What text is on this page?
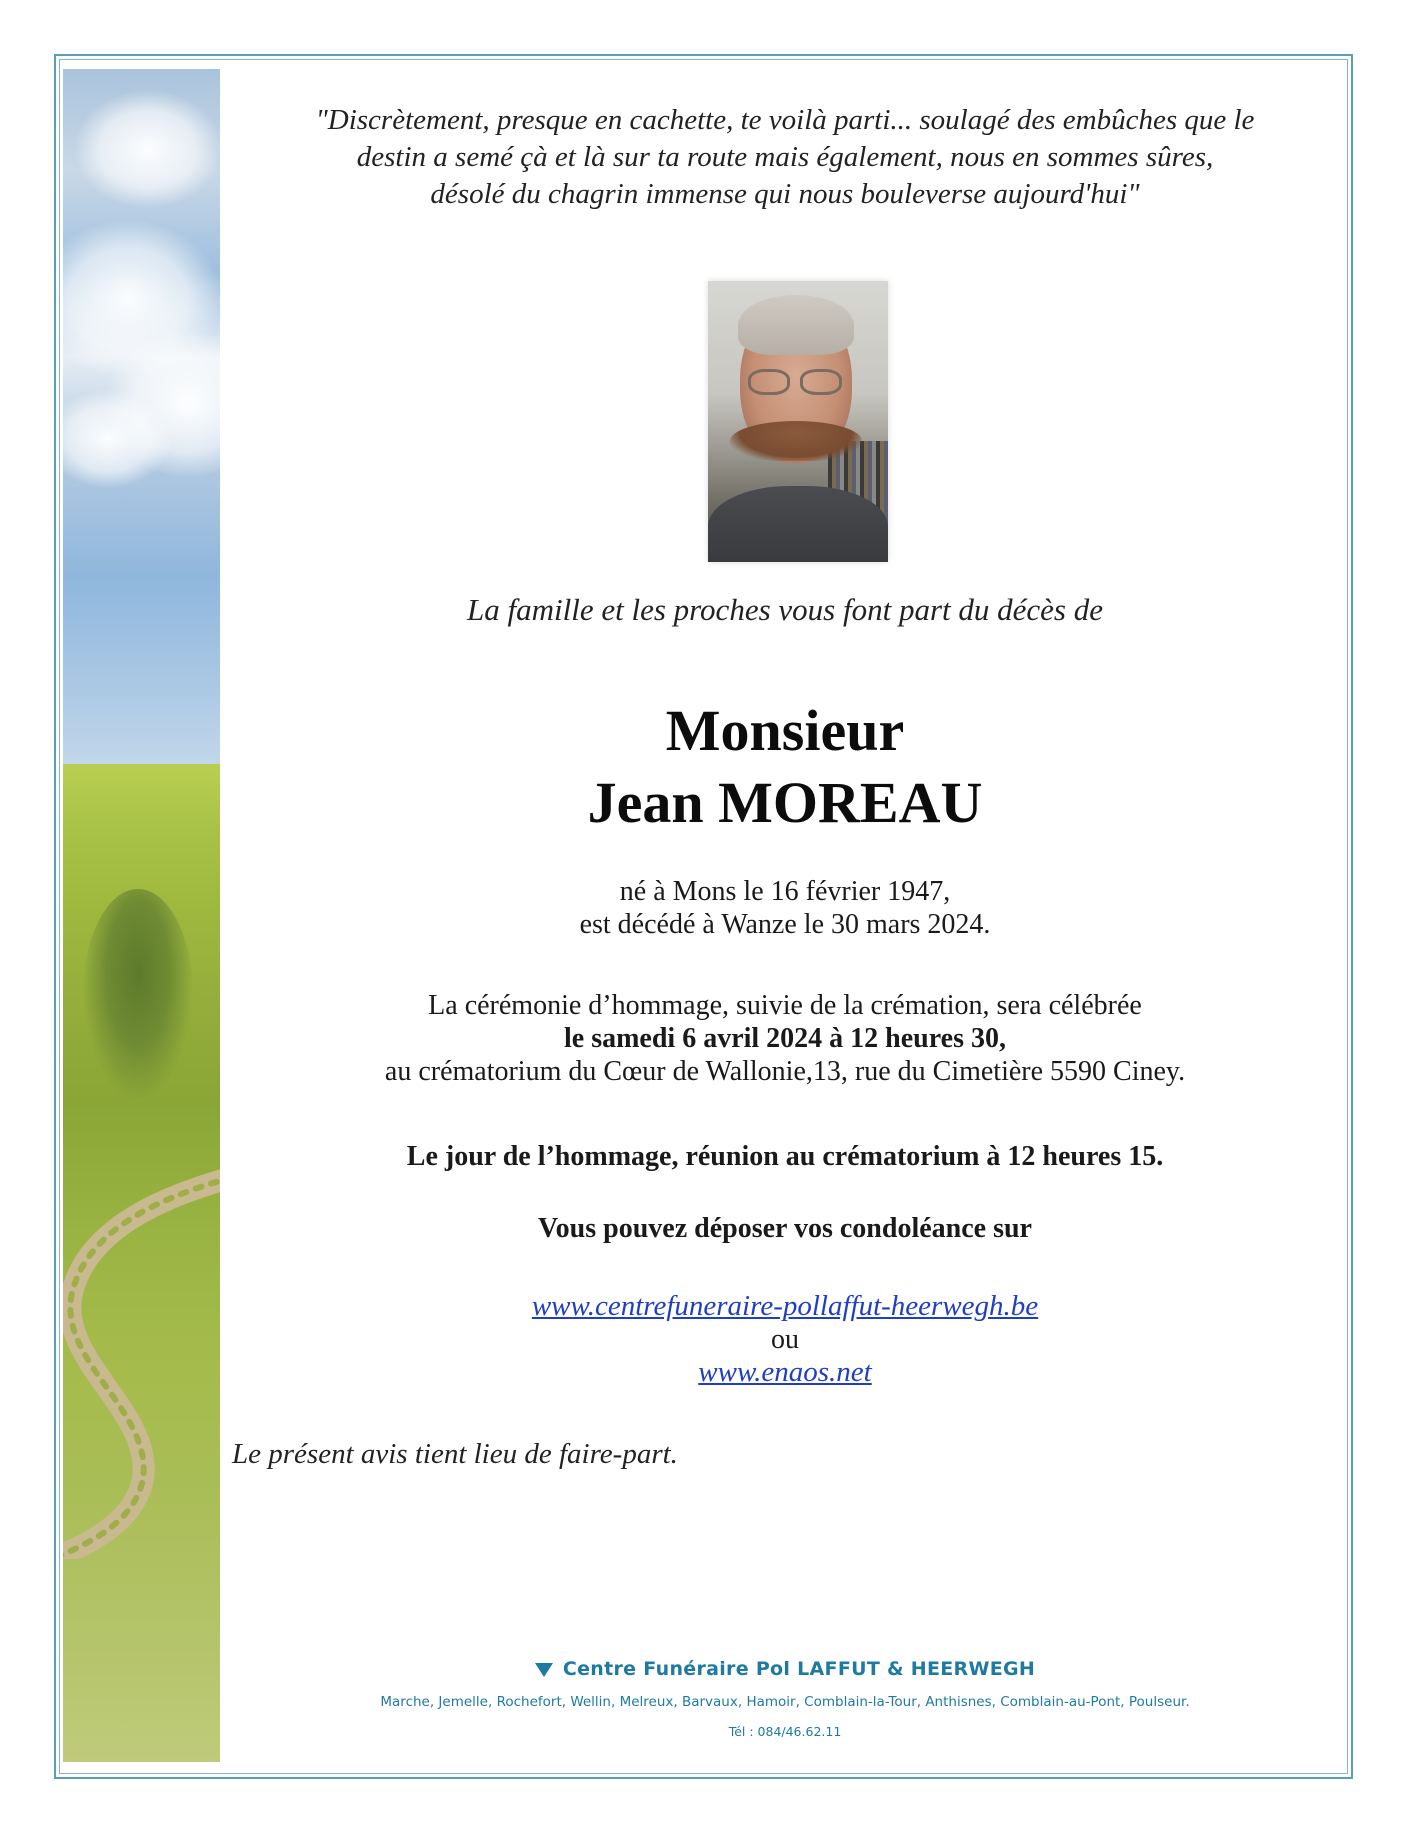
"Discrètement, presque en cachette, te voilà parti... soulagé des embûches que le

destin a semé çà et là sur ta route mais également, nous en sommes sûres,

désolé du chagrin immense qui nous bouleverse aujourd'hui"

La famille et les proches vous font part du décès de
Monsieur
Jean MOREAU
né à Mons le 16 février 1947,
est décédé à Wanze le 30 mars 2024.
La cérémonie d’hommage, suivie de la crémation, sera célébrée
le samedi 6 avril 2024 à 12 heures 30,
au crématorium du Cœur de Wallonie,13, rue du Cimetière 5590 Ciney.
Le jour de l’hommage, réunion au crématorium à 12 heures 15.
Vous pouvez déposer vos condoléance sur
www.centrefuneraire-pollaffut-heerwegh.be
ou
www.enaos.net
Le présent avis tient lieu de faire-part.
Centre Funéraire Pol LAFFUT & HEERWEGH
Marche, Jemelle, Rochefort, Wellin, Melreux, Barvaux, Hamoir, Comblain-la-Tour, Anthisnes, Comblain-au-Pont, Poulseur.
Tél : 084/46.62.11
